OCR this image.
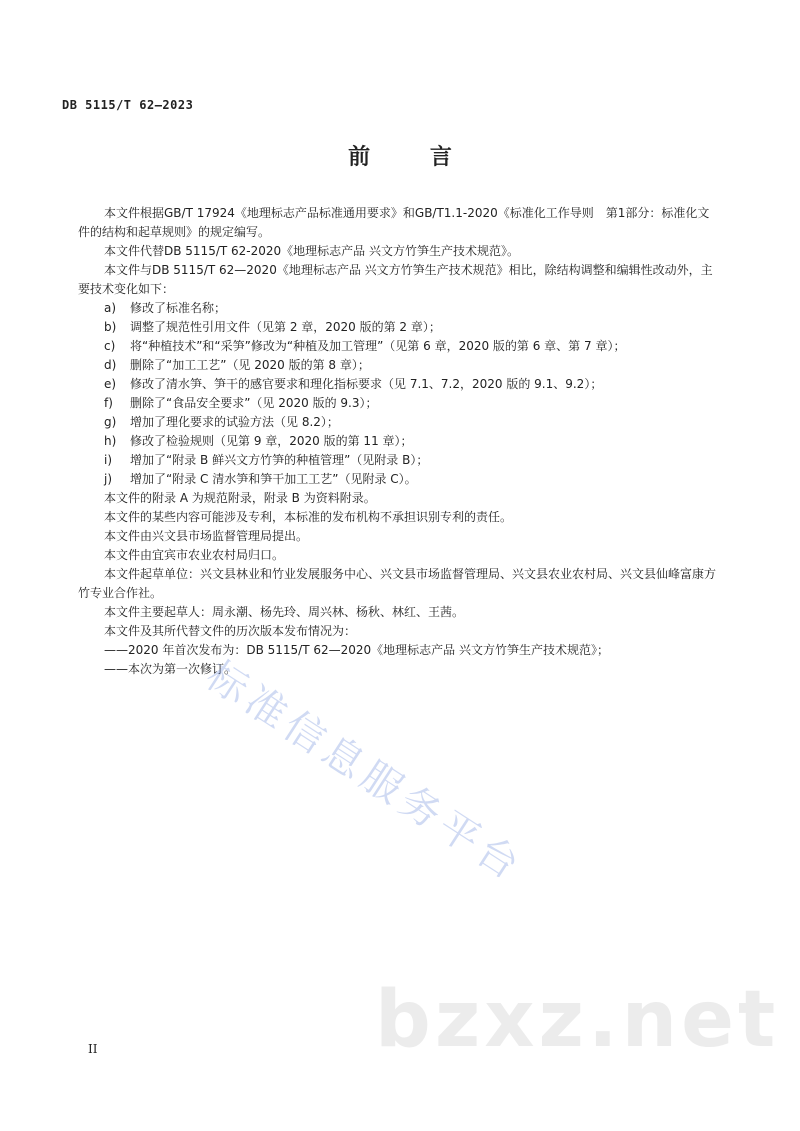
DB 5115/T 62—2023
前 言

本文件根据GB/T 17924《地理标志产品标准通用要求》和GB/T1.1-2020《标准化工作导则　第1部分：标准化文件的结构和起草规则》的规定编写。

本文件代替DB 5115/T 62-2020《地理标志产品 兴文方竹笋生产技术规范》。

本文件与DB 5115/T 62—2020《地理标志产品 兴文方竹笋生产技术规范》相比，除结构调整和编辑性改动外，主要技术变化如下：

a)	修改了标准名称；
b)	调整了规范性引用文件（见第 2 章，2020 版的第 2 章）；
c)	将“种植技术”和“采笋”修改为“种植及加工管理”（见第 6 章，2020 版的第 6 章、第 7 章）；
d)	删除了“加工工艺”（见 2020 版的第 8 章）；
e)	修改了清水笋、笋干的感官要求和理化指标要求（见 7.1、7.2，2020 版的 9.1、9.2）；
f)	删除了“食品安全要求”（见 2020 版的 9.3）；
g)	增加了理化要求的试验方法（见 8.2）；
h)	修改了检验规则（见第 9 章，2020 版的第 11 章）；
i)	增加了“附录 B 鲜兴文方竹笋的种植管理”（见附录 B）；
j)	增加了“附录 C 清水笋和笋干加工工艺”（见附录 C）。

本文件的附录 A 为规范附录，附录 B 为资料附录。

本文件的某些内容可能涉及专利，本标准的发布机构不承担识别专利的责任。

本文件由兴文县市场监督管理局提出。

本文件由宜宾市农业农村局归口。

本文件起草单位：兴文县林业和竹业发展服务中心、兴文县市场监督管理局、兴文县农业农村局、兴文县仙峰富康方竹专业合作社。

本文件主要起草人：周永潮、杨先玲、周兴林、杨秋、林红、王茜。

本文件及其所代替文件的历次版本发布情况为：

——2020 年首次发布为：DB 5115/T 62—2020《地理标志产品 兴文方竹笋生产技术规范》；

——本次为第一次修订。

标准信息服务平台
bzxz.net
II
